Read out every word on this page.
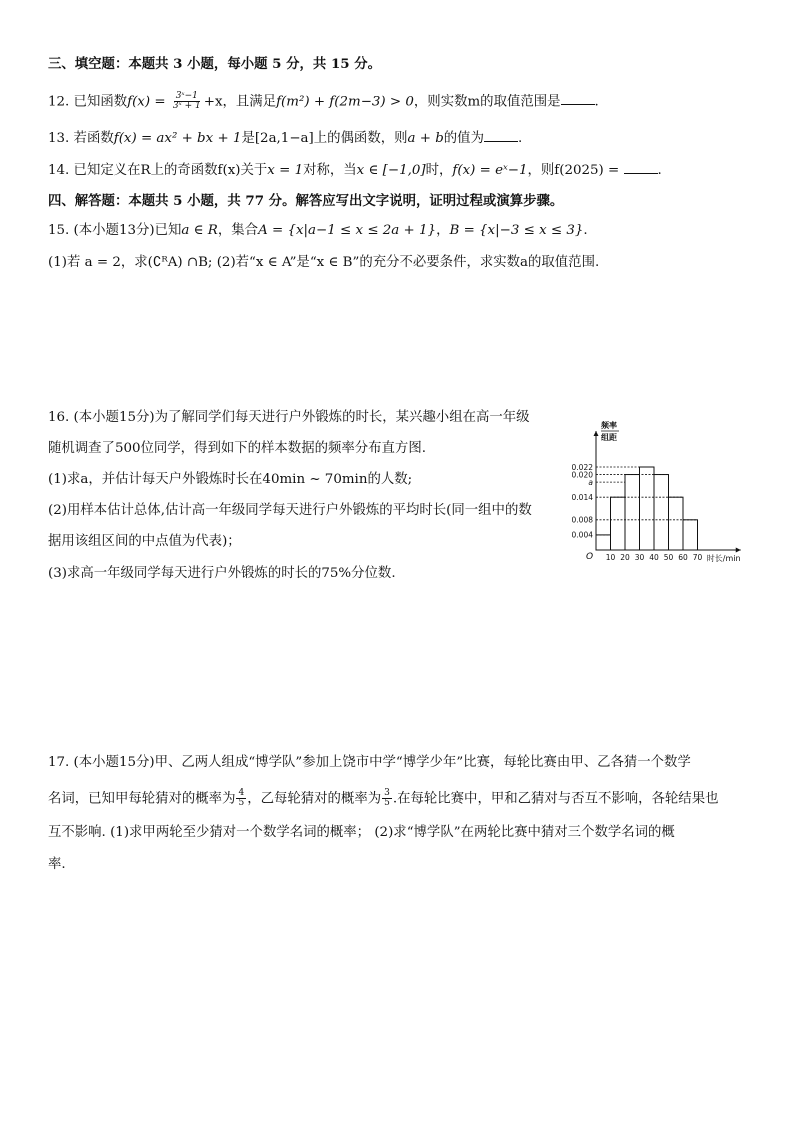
三、填空题：本题共 3 小题，每小题 5 分，共 15 分。
12. 已知函数$f(x) = \frac{\text{3ˣ−1}}{\text{3ˣ + 1}} +x$，且满足f(m²) + f(2m−3) > 0，则实数m的取值范围是	.
13. 若函数f(x) = ax² + bx + 1是[2a,1−a]上的偶函数，则a + b的值为	.
14. 已知定义在R上的奇函数f(x)关于x = 1对称，当x ∈ [−1,0]时，f(x) = eˣ−1，则f(2025) =	.
四、解答题：本题共 5 小题，共 77 分。解答应写出文字说明，证明过程或演算步骤。
15. (本小题13分)已知a ∈ R，集合A = {x|a−1 ≤ x ≤ 2a + 1}，B = {x|−3 ≤ x ≤ 3}.
(1)若 a = 2，求(∁ᴿA) ∩B; (2)若“x ∈ A”是“x ∈ B”的充分不必要条件，求实数a的取值范围.
16. (本小题15分)为了解同学们每天进行户外锻炼的时长，某兴趣小组在高一年级
随机调查了500位同学，得到如下的样本数据的频率分布直方图.
(1)求a，并估计每天户外锻炼时长在40min ~ 70min的人数;
(2)用样本估计总体,估计高一年级同学每天进行户外锻炼的平均时长(同一组中的数
据用该组区间的中点值为代表)；
(3)求高一年级同学每天进行户外锻炼的时长的75%分位数.
频率
组距
O
0.022
0.020
a
0.014
0.008
0.004
10 20 30 40 50 60 70 时长/min
17. (本小题15分)甲、乙两人组成“博学队”参加上饶市中学“博学少年”比赛，每轮比赛由甲、乙各猜一个数学
名词，已知甲每轮猜对的概率为 $\frac{4}{5}$ ，乙每轮猜对的概率为 $\frac{3}{5}$ .在每轮比赛中，甲和乙猜对与否互不影响，各轮结果也
互不影响. (1)求甲两轮至少猜对一个数学名词的概率； (2)求“博学队”在两轮比赛中猜对三个数学名词的概
率.
